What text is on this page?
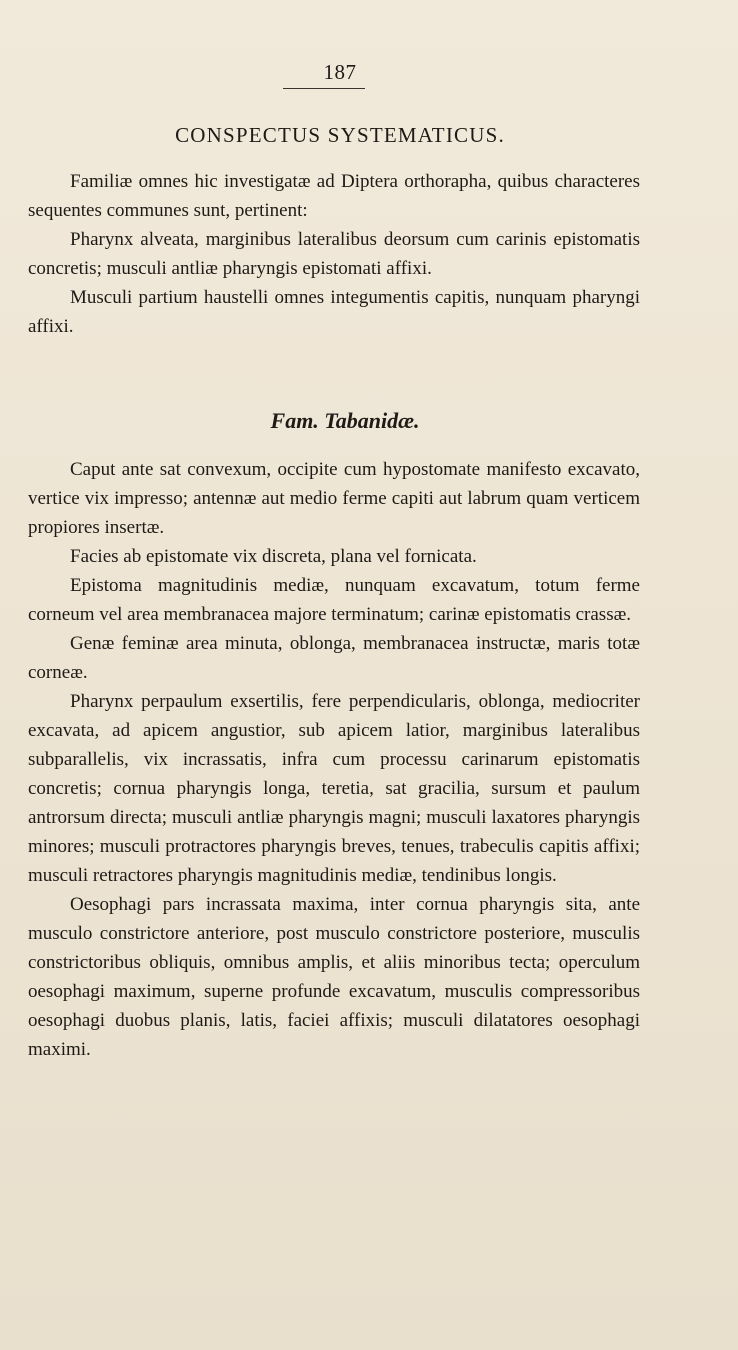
187
CONSPECTUS SYSTEMATICUS.

Familiæ omnes hic investigatæ ad Diptera orthorapha, quibus characteres sequentes communes sunt, pertinent:

Pharynx alveata, marginibus lateralibus deorsum cum carinis epistomatis concretis; musculi antliæ pharyngis epistomati affixi.

Musculi partium haustelli omnes integumentis capitis, nunquam pharyngi affixi.

Fam. Tabanidæ.

Caput ante sat convexum, occipite cum hypostomate manifesto excavato, vertice vix impresso; antennæ aut medio ferme capiti aut labrum quam verticem propiores insertæ.

Facies ab epistomate vix discreta, plana vel fornicata.

Epistoma magnitudinis mediæ, nunquam excavatum, totum ferme corneum vel area membranacea majore terminatum; carinæ epistomatis crassæ.

Genæ feminæ area minuta, oblonga, membranacea instructæ, maris totæ corneæ.

Pharynx perpaulum exsertilis, fere perpendicularis, oblonga, mediocriter excavata, ad apicem angustior, sub apicem latior, marginibus lateralibus subparallelis, vix incrassatis, infra cum processu carinarum epistomatis concretis; cornua pharyngis longa, teretia, sat gracilia, sursum et paulum antrorsum directa; musculi antliæ pharyngis magni; musculi laxatores pharyngis minores; musculi protractores pharyngis breves, tenues, trabeculis capitis affixi; musculi retractores pharyngis magnitudinis mediæ, tendinibus longis.

Oesophagi pars incrassata maxima, inter cornua pharyngis sita, ante musculo constrictore anteriore, post musculo constrictore posteriore, musculis constrictoribus obliquis, omnibus amplis, et aliis minoribus tecta; operculum oesophagi maximum, superne profunde excavatum, musculis compressoribus oesophagi duobus planis, latis, faciei affixis; musculi dilatatores oesophagi maximi.
